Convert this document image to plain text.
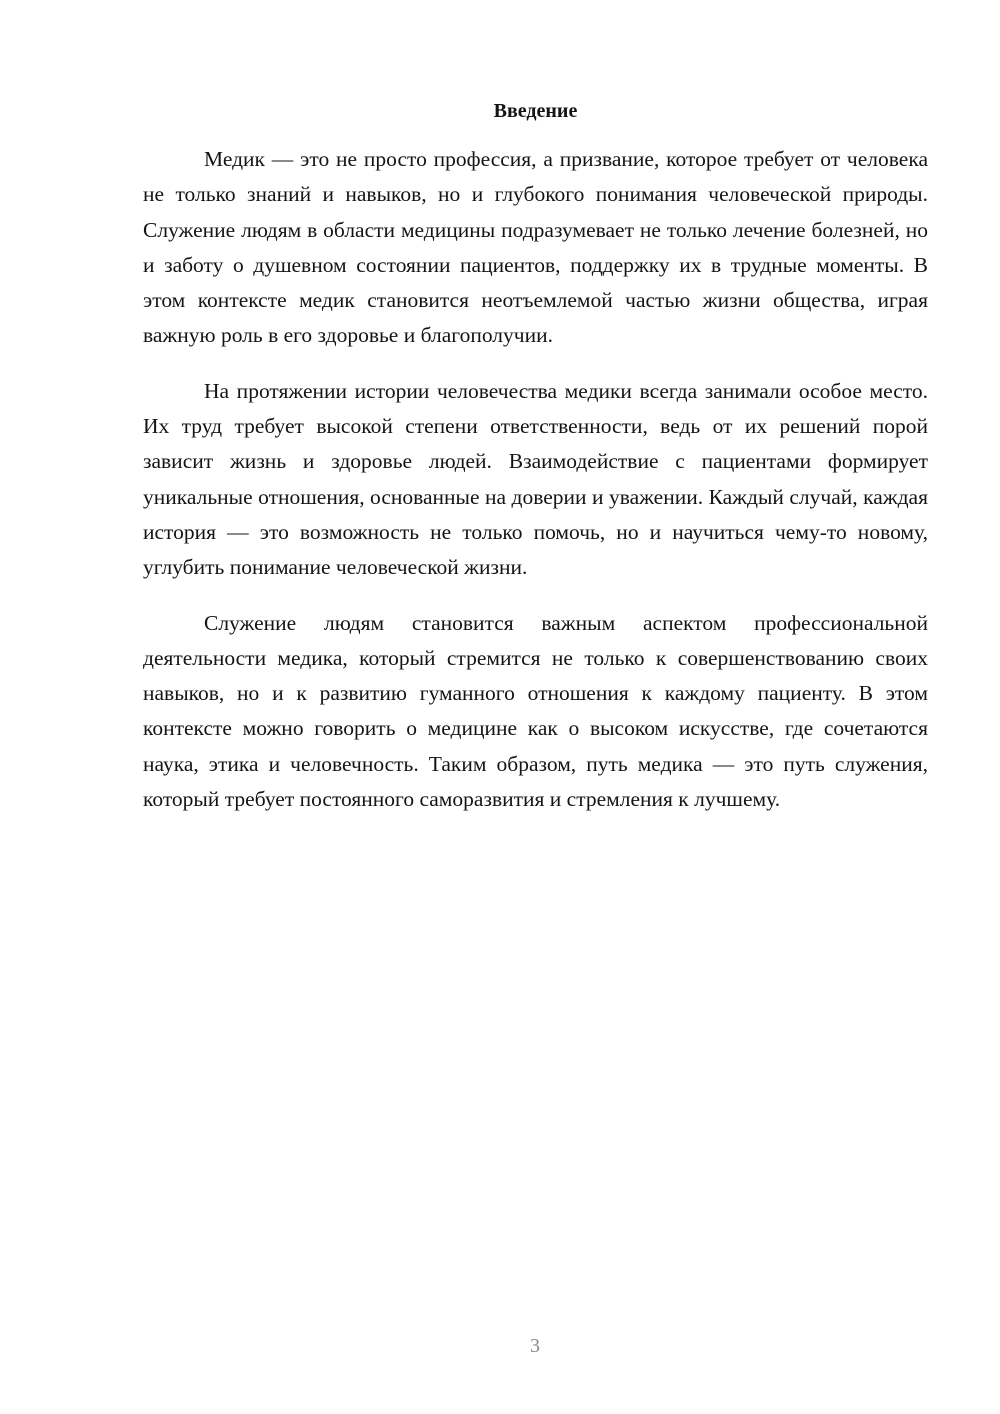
Введение

Медик — это не просто профессия, а призвание, которое требует от человека не только знаний и навыков, но и глубокого понимания человеческой природы. Служение людям в области медицины подразумевает не только лечение болезней, но и заботу о душевном состоянии пациентов, поддержку их в трудные моменты. В этом контексте медик становится неотъемлемой частью жизни общества, играя важную роль в его здоровье и благополучии.

На протяжении истории человечества медики всегда занимали особое место. Их труд требует высокой степени ответственности, ведь от их решений порой зависит жизнь и здоровье людей. Взаимодействие с пациентами формирует уникальные отношения, основанные на доверии и уважении. Каждый случай, каждая история — это возможность не только помочь, но и научиться чему-то новому, углубить понимание человеческой жизни.

Служение людям становится важным аспектом профессиональной деятельности медика, который стремится не только к совершенствованию своих навыков, но и к развитию гуманного отношения к каждому пациенту. В этом контексте можно говорить о медицине как о высоком искусстве, где сочетаются наука, этика и человечность. Таким образом, путь медика — это путь служения, который требует постоянного саморазвития и стремления к лучшему.

3
